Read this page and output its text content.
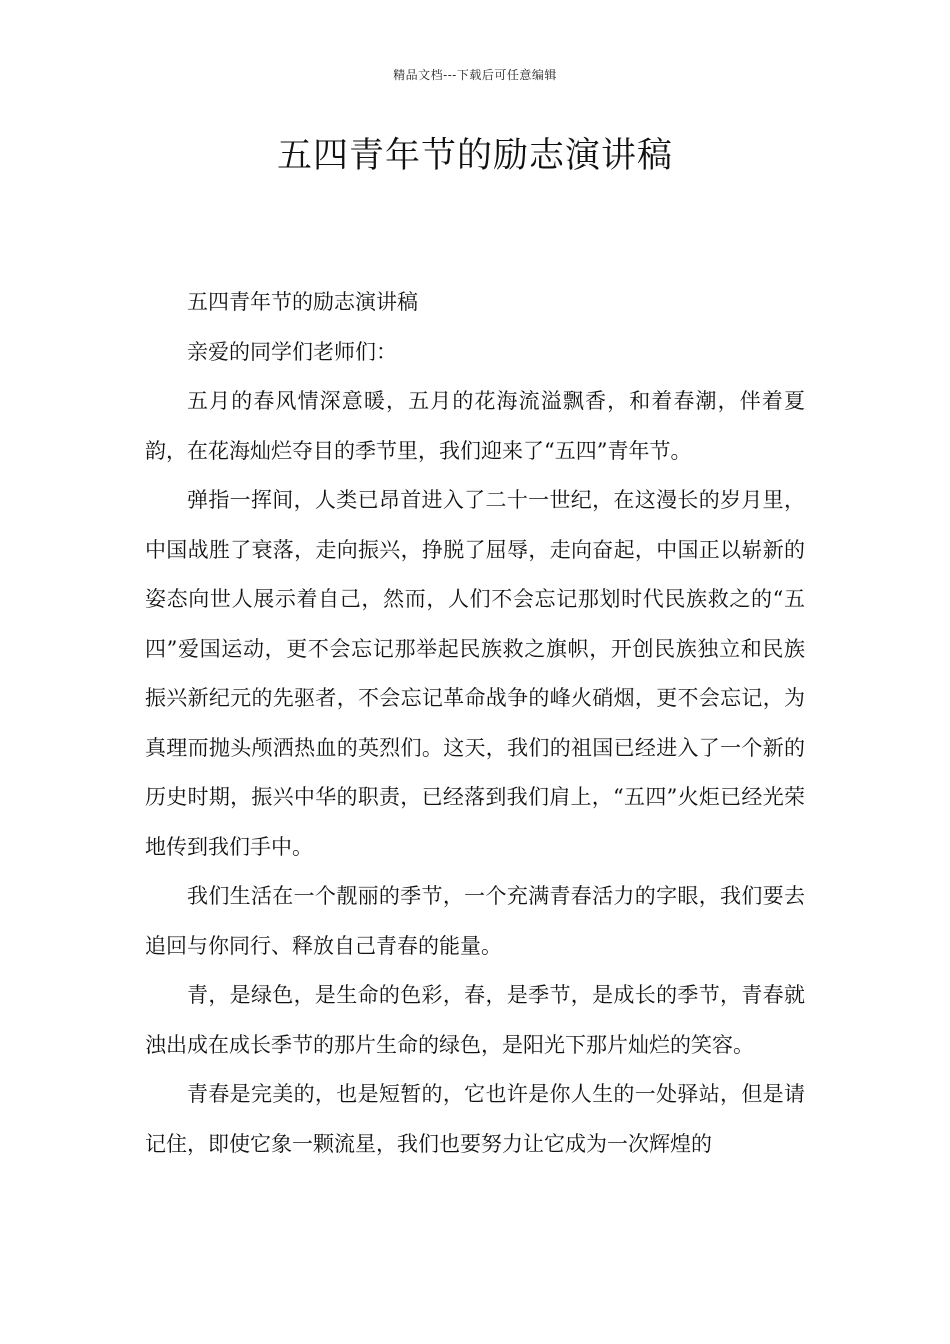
精品文档---下载后可任意编辑
五四青年节的励志演讲稿

五四青年节的励志演讲稿

亲爱的同学们老师们：

五月的春风情深意暖，五月的花海流溢飘香，和着春潮，伴着夏韵，在花海灿烂夺目的季节里，我们迎来了“五四”青年节。

弹指一挥间，人类已昂首进入了二十一世纪，在这漫长的岁月里，中国战胜了衰落，走向振兴，挣脱了屈辱，走向奋起，中国正以崭新的姿态向世人展示着自己，然而，人们不会忘记那划时代民族救之的“五四”爱国运动，更不会忘记那举起民族救之旗帜，开创民族独立和民族振兴新纪元的先驱者，不会忘记革命战争的峰火硝烟，更不会忘记，为真理而抛头颅洒热血的英烈们。这天，我们的祖国已经进入了一个新的历史时期，振兴中华的职责，已经落到我们肩上，“五四”火炬已经光荣地传到我们手中。

我们生活在一个靓丽的季节，一个充满青春活力的字眼，我们要去追回与你同行、释放自己青春的能量。

青，是绿色，是生命的色彩，春，是季节，是成长的季节，青春就浊出成在成长季节的那片生命的绿色，是阳光下那片灿烂的笑容。

青春是完美的，也是短暂的，它也许是你人生的一处驿站，但是请记住，即使它象一颗流星，我们也要努力让它成为一次辉煌的
